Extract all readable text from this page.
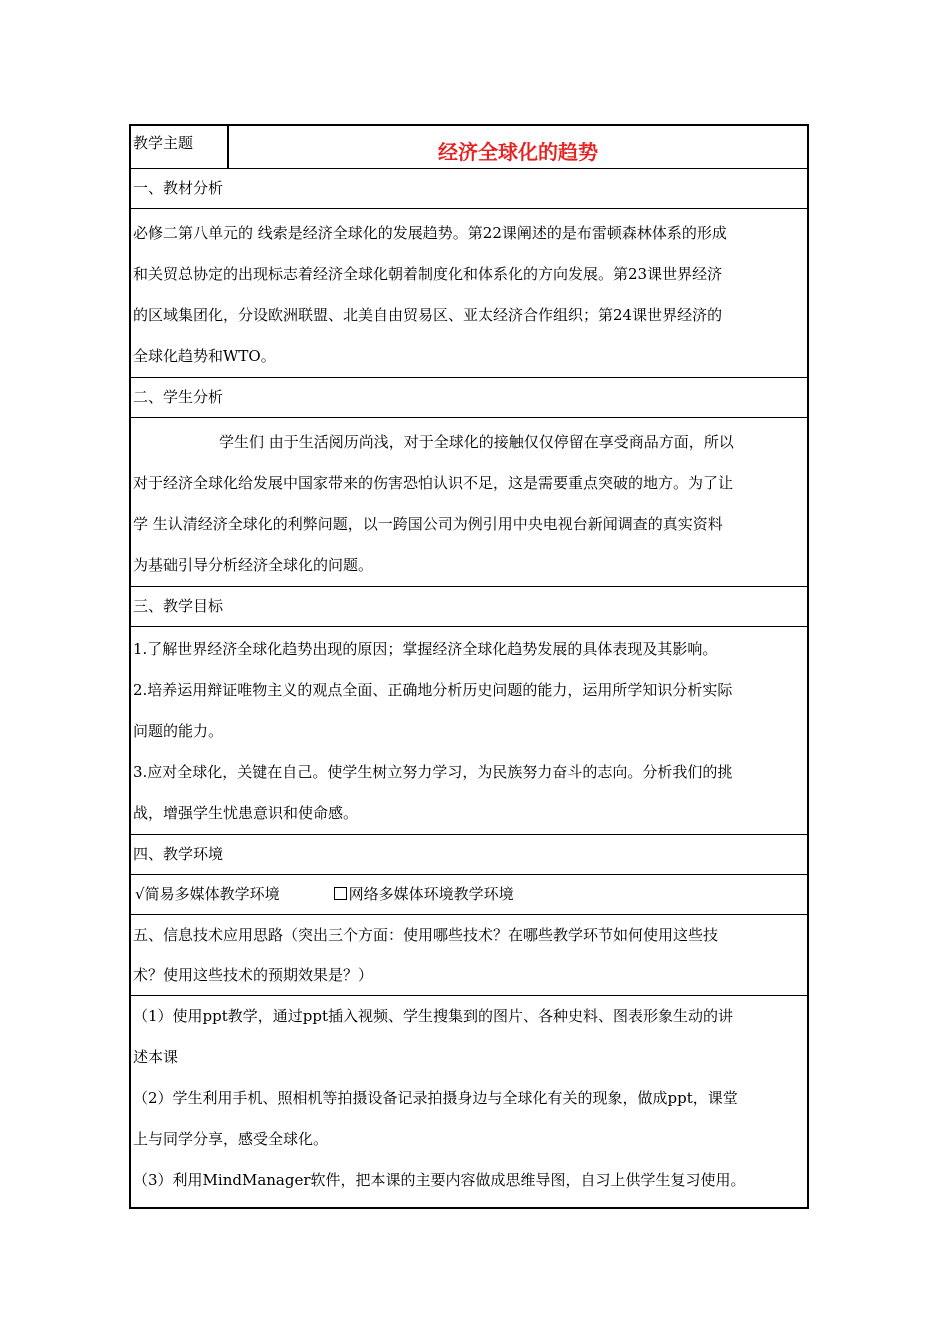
教学主题	经济全球化的趋势
一、教材分析

必修二第八单元的 线索是经济全球化的发展趋势。第22课阐述的是布雷顿森林体系的形成

和关贸总协定的出现标志着经济全球化朝着制度化和体系化的方向发展。第23课世界经济

的区域集团化，分设欧洲联盟、北美自由贸易区、亚太经济合作组织；第24课世界经济的

全球化趋势和WTO。

二、学生分析

学生们 由于生活阅历尚浅，对于全球化的接触仅仅停留在享受商品方面，所以

对于经济全球化给发展中国家带来的伤害恐怕认识不足，这是需要重点突破的地方。为了让

学 生认清经济全球化的利弊问题，以一跨国公司为例引用中央电视台新闻调查的真实资料

为基础引导分析经济全球化的问题。

三、教学目标

1.了解世界经济全球化趋势出现的原因；掌握经济全球化趋势发展的具体表现及其影响。

2.培养运用辩证唯物主义的观点全面、正确地分析历史问题的能力，运用所学知识分析实际

问题的能力。

3.应对全球化，关键在自己。使学生树立努力学习，为民族努力奋斗的志向。分析我们的挑

战，增强学生忧患意识和使命感。

四、教学环境
√简易多媒体教学环境	网络多媒体环境教学环境
五、信息技术应用思路（突出三个方面：使用哪些技术？在哪些教学环节如何使用这些技
术？使用这些技术的预期效果是？）

（1）使用ppt教学，通过ppt插入视频、学生搜集到的图片、各种史料、图表形象生动的讲

述本课

（2）学生利用手机、照相机等拍摄设备记录拍摄身边与全球化有关的现象，做成ppt，课堂

上与同学分享，感受全球化。

（3）利用MindManager软件，把本课的主要内容做成思维导图，自习上供学生复习使用。
